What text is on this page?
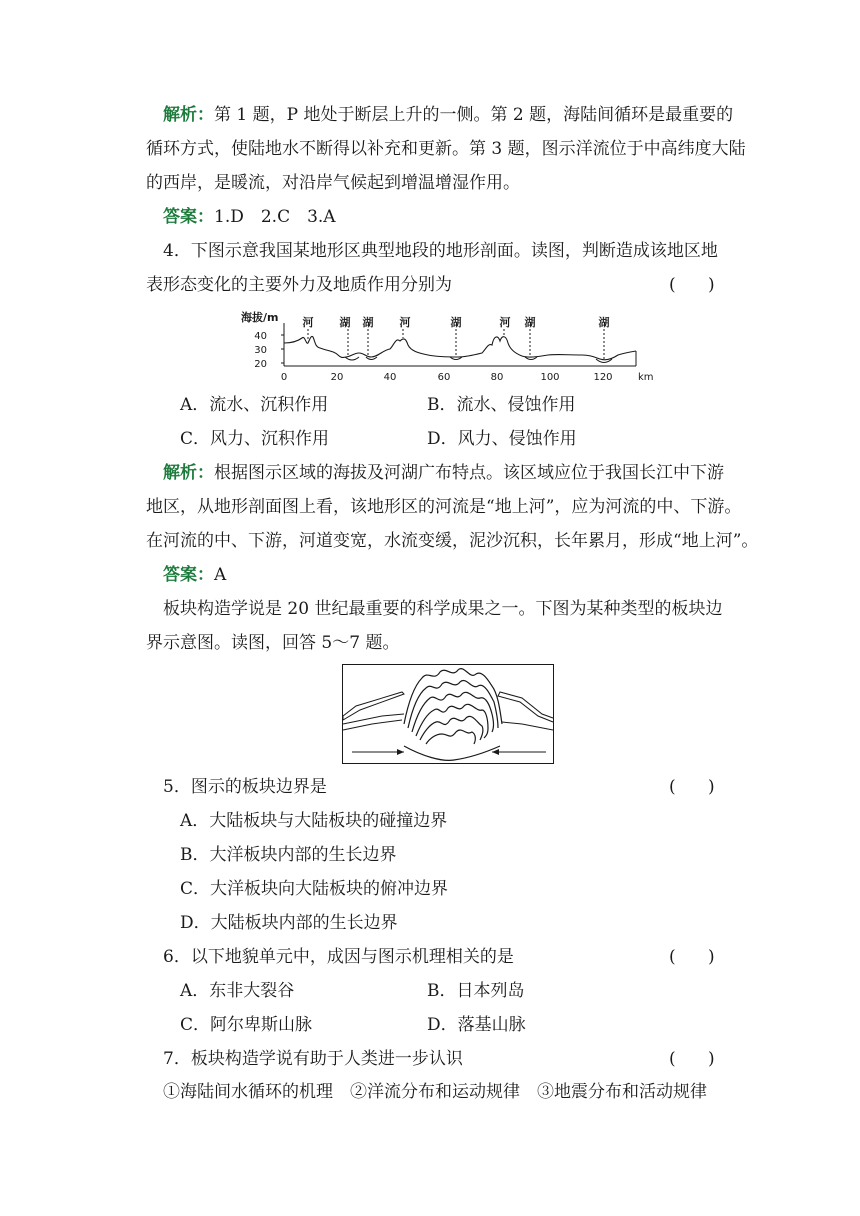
解析：第 1 题，P 地处于断层上升的一侧。第 2 题，海陆间循环是最重要的
循环方式，使陆地水不断得以补充和更新。第 3 题，图示洋流位于中高纬度大陆
的西岸，是暖流，对沿岸气候起到增温增湿作用。
答案：1.D　2.C　3.A
4．下图示意我国某地形区典型地段的地形剖面。读图，判断造成该地区地
表形态变化的主要外力及地质作用分别为	(      )
海拔/m
40
30
20
河 湖 湖 河	湖	河 湖	湖
0	20	40	60	80	100	120	km
A．流水、沉积作用	B．流水、侵蚀作用
C．风力、沉积作用	D．风力、侵蚀作用
解析：根据图示区域的海拔及河湖广布特点。该区域应位于我国长江中下游
地区，从地形剖面图上看，该地形区的河流是“地上河”，应为河流的中、下游。
在河流的中、下游，河道变宽，水流变缓，泥沙沉积，长年累月，形成“地上河”。
答案：A
板块构造学说是 20 世纪最重要的科学成果之一。下图为某种类型的板块边
界示意图。读图，回答 5～7 题。
5．图示的板块边界是	(      )
A．大陆板块与大陆板块的碰撞边界
B．大洋板块内部的生长边界
C．大洋板块向大陆板块的俯冲边界
D．大陆板块内部的生长边界
6．以下地貌单元中，成因与图示机理相关的是	(      )
A．东非大裂谷	B．日本列岛
C．阿尔卑斯山脉	D．落基山脉
7．板块构造学说有助于人类进一步认识	(      )
①海陆间水循环的机理　②洋流分布和运动规律　③地震分布和活动规律
